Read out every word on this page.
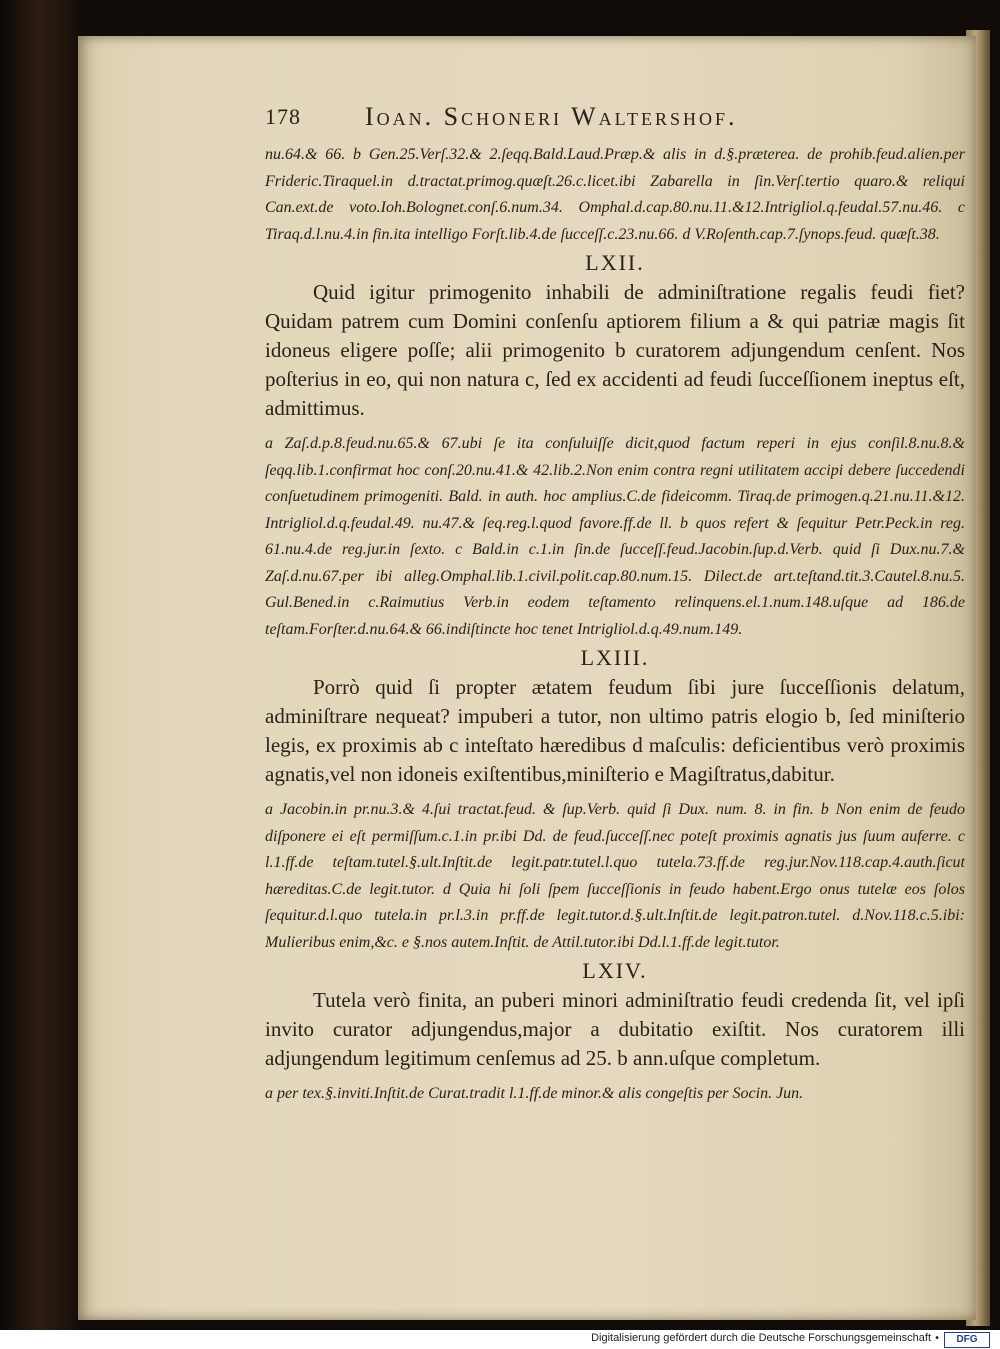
178 Ioan. Schoneri Waltershof.

nu.64.& 66. b Gen.25.Verſ.32.& 2.ſeqq.Bald.Laud.Præp.& alis in d.§.præterea. de prohib.feud.alien.per Frideric.Tiraquel.in d.tractat.primog.quæſt.26.c.licet.ibi Zabarella in ſin.Verſ.tertio quaro.& reliqui Can.ext.de voto.Ioh.Bolognet.conſ.6.num.34. Omphal.d.cap.80.nu.11.&12.Intrigliol.q.feudal.57.nu.46. c Tiraq.d.l.nu.4.in fin.ita intelligo Forſt.lib.4.de ſucceſſ.c.23.nu.66. d V.Roſenth.cap.7.ſynops.feud. quæſt.38.

LXII.

Quid igitur primogenito inhabili de adminiſtratione regalis feudi fiet? Quidam patrem cum Domini conſenſu aptiorem filium a & qui patriæ magis ſit idoneus eligere poſſe; alii primogenito b curatorem adjungendum cenſent. Nos poſterius in eo, qui non natura c, ſed ex accidenti ad feudi ſucceſſionem ineptus eſt, admittimus.

a Zaſ.d.p.8.feud.nu.65.& 67.ubi ſe ita conſuluiſſe dicit,quod factum reperi in ejus conſil.8.nu.8.& ſeqq.lib.1.confirmat hoc conſ.20.nu.41.& 42.lib.2.Non enim contra regni utilitatem accipi debere ſuccedendi conſuetudinem primogeniti. Bald. in auth. hoc amplius.C.de fideicomm. Tiraq.de primogen.q.21.nu.11.&12. Intrigliol.d.q.feudal.49. nu.47.& ſeq.reg.l.quod favore.ff.de ll. b quos refert & ſequitur Petr.Peck.in reg. 61.nu.4.de reg.jur.in ſexto. c Bald.in c.1.in ſin.de ſucceſſ.feud.Jacobin.ſup.d.Verb. quid ſi Dux.nu.7.& Zaſ.d.nu.67.per ibi alleg.Omphal.lib.1.civil.polit.cap.80.num.15. Dilect.de art.teſtand.tit.3.Cautel.8.nu.5. Gul.Bened.in c.Raimutius Verb.in eodem teſtamento relinquens.el.1.num.148.uſque ad 186.de teſtam.Forſter.d.nu.64.& 66.indiſtincte hoc tenet Intrigliol.d.q.49.num.149.

LXIII.

Porrò quid ſi propter ætatem feudum ſibi jure ſucceſſionis delatum, adminiſtrare nequeat? impuberi a tutor, non ultimo patris elogio b, ſed miniſterio legis, ex proximis ab c inteſtato hæredibus d maſculis: deficientibus verò proximis agnatis,vel non idoneis exiſtentibus,miniſterio e Magiſtratus,dabitur.

a Jacobin.in pr.nu.3.& 4.ſui tractat.feud. & ſup.Verb. quid ſi Dux. num. 8. in fin. b Non enim de feudo diſponere ei eſt permiſſum.c.1.in pr.ibi Dd. de feud.ſucceſſ.nec poteſt proximis agnatis jus ſuum auferre. c l.1.ff.de teſtam.tutel.§.ult.Inſtit.de legit.patr.tutel.l.quo tutela.73.ff.de reg.jur.Nov.118.cap.4.auth.ſicut hæreditas.C.de legit.tutor. d Quia hi ſoli ſpem ſucceſſionis in feudo habent.Ergo onus tutelæ eos ſolos ſequitur.d.l.quo tutela.in pr.l.3.in pr.ff.de legit.tutor.d.§.ult.Inſtit.de legit.patron.tutel. d.Nov.118.c.5.ibi: Mulieribus enim,&c. e §.nos autem.Inſtit. de Attil.tutor.ibi Dd.l.1.ff.de legit.tutor.

LXIV.

Tutela verò finita, an puberi minori adminiſtratio feudi credenda ſit, vel ipſi invito curator adjungendus,major a dubitatio exiſtit. Nos curatorem illi adjungendum legitimum cenſemus ad 25. b ann.uſque completum.

a per tex.§.inviti.Inſtit.de Curat.tradit l.1.ff.de minor.& alis congeſtis per Socin. Jun.

Digitalisierung gefördert durch die Deutsche Forschungsgemeinschaft •	DFG
